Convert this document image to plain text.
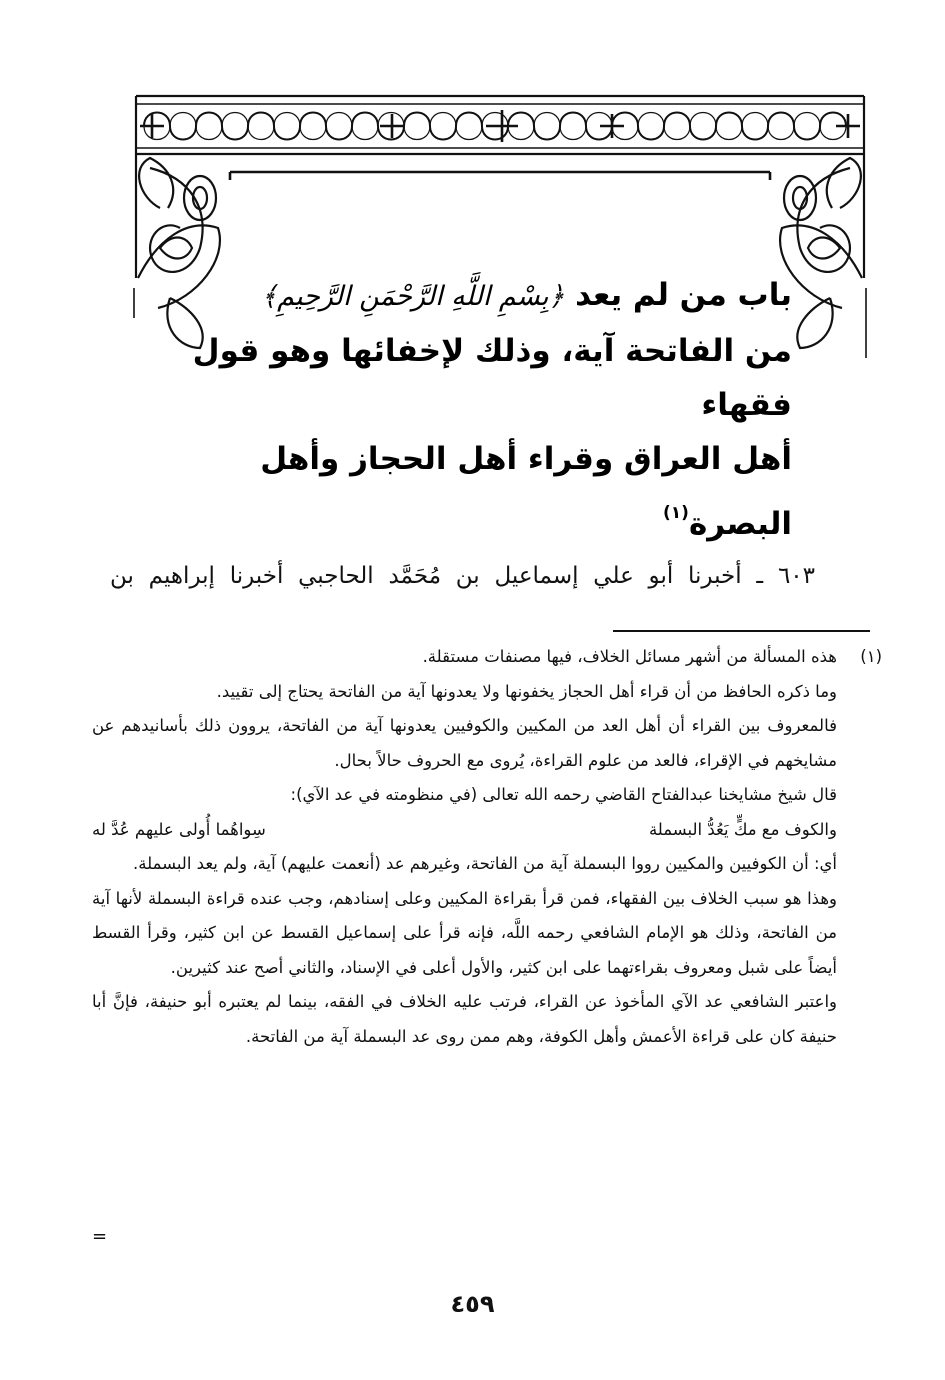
باب من لم يعد ﴿بِسْمِ اللَّهِ الرَّحْمَنِ الرَّحِيمِ﴾
من الفاتحة آية، وذلك لإخفائها وهو قول فقهاء
أهل العراق وقراء أهل الحجاز وأهل البصرة$^{(١)}$
٦٠٣ ـ أخبرنا أبو علي إسماعيل بن مُحَمَّد الحاجبي أخبرنا إبراهيم بن
(١)

هذه المسألة من أشهر مسائل الخلاف، فيها مصنفات مستقلة.

وما ذكره الحافظ من أن قراء أهل الحجاز يخفونها ولا يعدونها آية من الفاتحة يحتاج إلى تقييد.

فالمعروف بين القراء أن أهل العد من المكيين والكوفيين يعدونها آية من الفاتحة، يروون ذلك بأسانيدهم عن مشايخهم في الإقراء، فالعد من علوم القراءة، يُروى مع الحروف حالاً بحال.

قال شيخ مشايخنا عبدالفتاح القاضي رحمه الله تعالى (في منظومته في عد الآي):

والكوف مع مكٍّ يَعُدُّ البسملة
سِواهُما أُولى عليهم عُدَّ له

أي: أن الكوفيين والمكيين رووا البسملة آية من الفاتحة، وغيرهم عد (أنعمت عليهم) آية، ولم يعد البسملة.

وهذا هو سبب الخلاف بين الفقهاء، فمن قرأ بقراءة المكيين وعلى إسنادهم، وجب عنده قراءة البسملة لأنها آية من الفاتحة، وذلك هو الإمام الشافعي رحمه اللَّه، فإنه قرأ على إسماعيل القسط عن ابن كثير، وقرأ القسط أيضاً على شبل ومعروف بقراءتهما على ابن كثير، والأول أعلى في الإسناد، والثاني أصح عند كثيرين.

واعتبر الشافعي عد الآي المأخوذ عن القراء، فرتب عليه الخلاف في الفقه، بينما لم يعتبره أبو حنيفة، فإنَّ أبا حنيفة كان على قراءة الأعمش وأهل الكوفة، وهم ممن روى عد البسملة آية من الفاتحة.

=
٤٥٩
